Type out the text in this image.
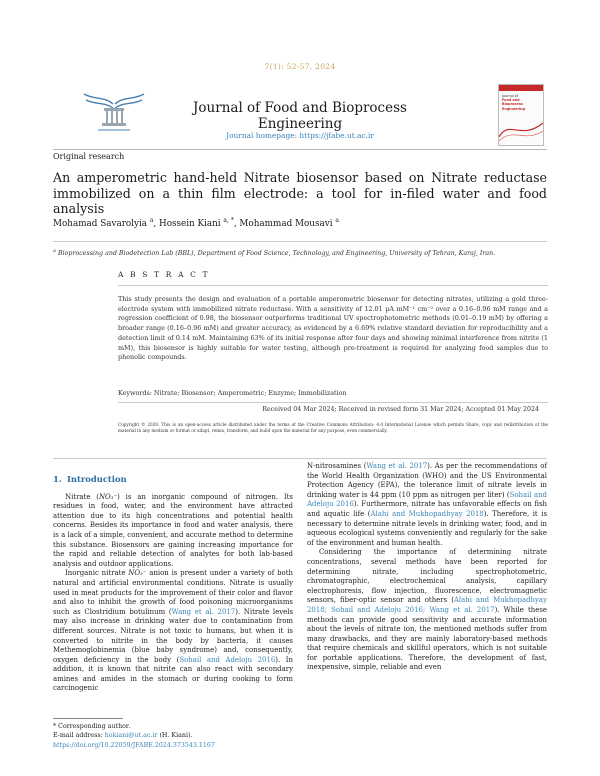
7(1): 52-57, 2024
Journal of Food and Bioprocess Engineering
Journal homepage: https://jfabe.ut.ac.ir
Journal of
Food and Bioprocess
Engineering
Original research
An amperometric hand-held Nitrate biosensor based on Nitrate reductase immobilized on a thin film electrode: a tool for in-filed water and food analysis
Mohamad Savarolyia $^a$, Hossein Kiani $^{a, *}$, Mohammad Mousavi $^a$
$^a$ Bioprocessing and Biodetection Lab (BBL), Department of Food Science, Technology, and Engineering, University of Tehran, Karaj, Iran.
A B S T R A C T
This study presents the design and evaluation of a portable amperometric biosensor for detecting nitrates, utilizing a gold three-electrode system with immobilized nitrate reductase. With a sensitivity of 12.01 µA mM⁻¹ cm⁻² over a 0.16–0.96 mM range and a regression coefficient of 0.98, the biosensor outperforms traditional UV spectrophotometric methods (0.01–0.19 mM) by offering a broader range (0.16–0.96 mM) and greater accuracy, as evidenced by a 6.69% relative standard deviation for reproducibility and a detection limit of 0.14 mM. Maintaining 63% of its initial response after four days and showing minimal interference from nitrite (1 mM), this biosensor is highly suitable for water testing, although pre-treatment is required for analyzing food samples due to phenolic compounds.
Keywords: Nitrate; Biosensor; Amperometric; Enzyme; Immobilization
Received 04 Mar 2024; Received in revised form 31 Mar 2024; Accepted 01 May 2024
Copyright © 2020. This is an open-access article distributed under the terms of the Creative Commons Attribution- 4.0 International License which permits Share, copy and redistribution of the material in any medium or format or adapt, remix, transform, and build upon the material for any purpose, even commercially.
1. Introduction

Nitrate (NO₃⁻) is an inorganic compound of nitrogen. Its residues in food, water, and the environment have attracted attention due to its high concentrations and potential health concerns. Besides its importance in food and water analysis, there is a lack of a simple, convenient, and accurate method to determine this substance. Biosensors are gaining increasing importance for the rapid and reliable detection of analytes for both lab-based analysis and outdoor applications.

Inorganic nitrate NO₃⁻ anion is present under a variety of both natural and artificial environmental conditions. Nitrate is usually used in meat products for the improvement of their color and flavor and also to inhibit the growth of food poisoning microorganisms such as Clostridium botulinum (Wang et al. 2017). Nitrate levels may also increase in drinking water due to contamination from different sources. Nitrate is not toxic to humans, but when it is converted to nitrite in the body by bacteria, it causes Methemoglobinemia (blue baby syndrome) and, consequently, oxygen deficiency in the body (Sohail and Adeloju 2016). In addition, it is known that nitrite can also react with secondary amines and amides in the stomach or during cooking to form carcinogenic

N-nitrosamines (Wang et al. 2017). As per the recommendations of the World Health Organization (WHO) and the US Environmental Protection Agency (EPA), the tolerance limit of nitrate levels in drinking water is 44 ppm (10 ppm as nitrogen per liter) (Sohail and Adeloju 2016). Furthermore, nitrate has unfavorable effects on fish and aquatic life (Alahi and Mukhopadhyay 2018). Therefore, it is necessary to determine nitrate levels in drinking water, food, and in aqueous ecological systems conveniently and regularly for the sake of the environment and human health.

Considering the importance of determining nitrate concentrations, several methods have been reported for determining nitrate, including spectrophotometric, chromatographic, electrochemical analysis, capillary electrophoresis, flow injection, fluorescence, electromagnetic sensors, fiber-optic sensor and others (Alahi and Mukhopadhyay 2018; Sohail and Adeloju 2016; Wang et al. 2017). While these methods can provide good sensitivity and accurate information about the levels of nitrate ion, the mentioned methods suffer from many drawbacks, and they are mainly laboratory-based methods that require chemicals and skillful operators, which is not suitable for portable applications. Therefore, the development of fast, inexpensive, simple, reliable and even

* Corresponding author.
E-mail address: hokiani@ut.ac.ir (H. Kiani).
https://doi.org/10.22059/JFABE.2024.373543.1167
